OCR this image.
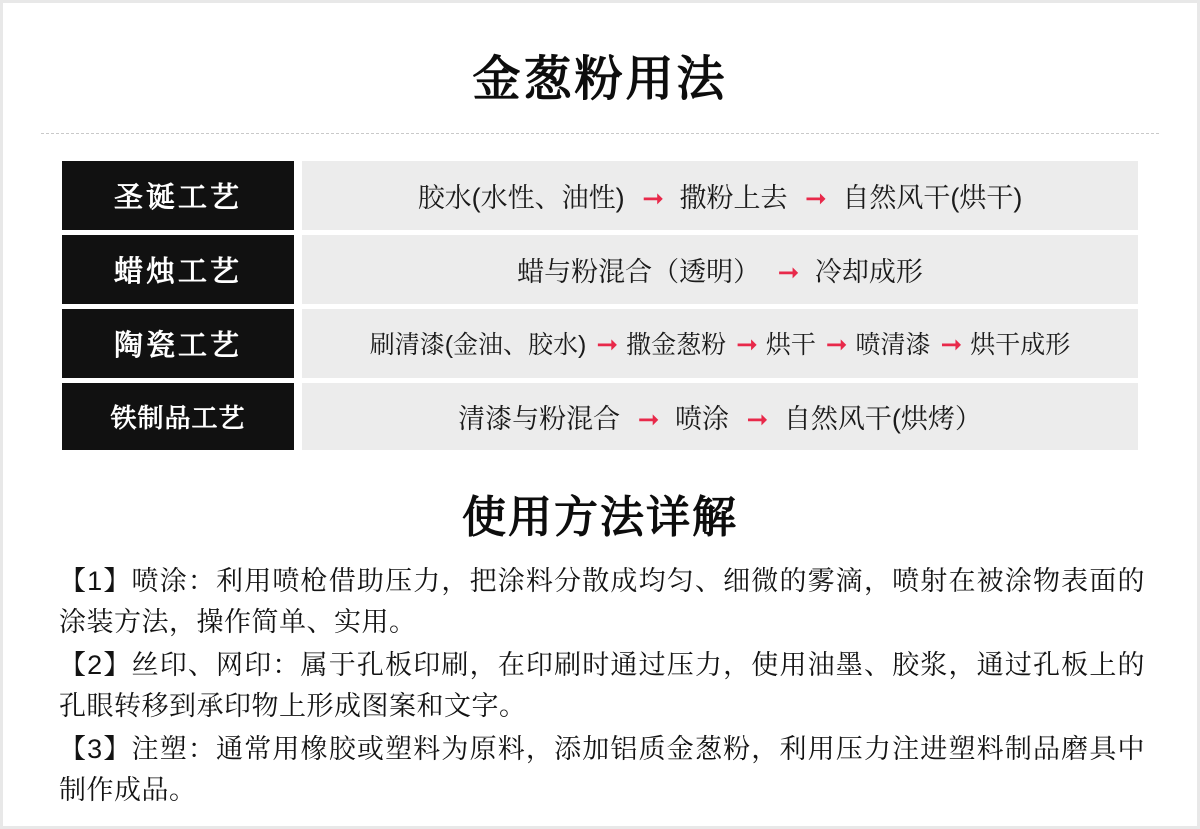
金葱粉用法
圣诞工艺		胶水(水性、油性) ➞ 撒粉上去 ➞ 自然风干(烘干)
蜡烛工艺		蜡与粉混合（透明） ➞ 冷却成形
陶瓷工艺		刷清漆(金油、胶水) ➞ 撒金葱粉 ➞ 烘干 ➞ 喷清漆 ➞ 烘干成形
铁制品工艺		清漆与粉混合 ➞ 喷涂 ➞ 自然风干(烘烤）
使用方法详解

【1】喷涂：利用喷枪借助压力，把涂料分散成均匀、细微的雾滴，喷射在被涂物表面的涂装方法，操作简单、实用。

【2】丝印、网印：属于孔板印刷，在印刷时通过压力，使用油墨、胶浆，通过孔板上的孔眼转移到承印物上形成图案和文字。

【3】注塑：通常用橡胶或塑料为原料，添加铝质金葱粉，利用压力注进塑料制品磨具中制作成品。
